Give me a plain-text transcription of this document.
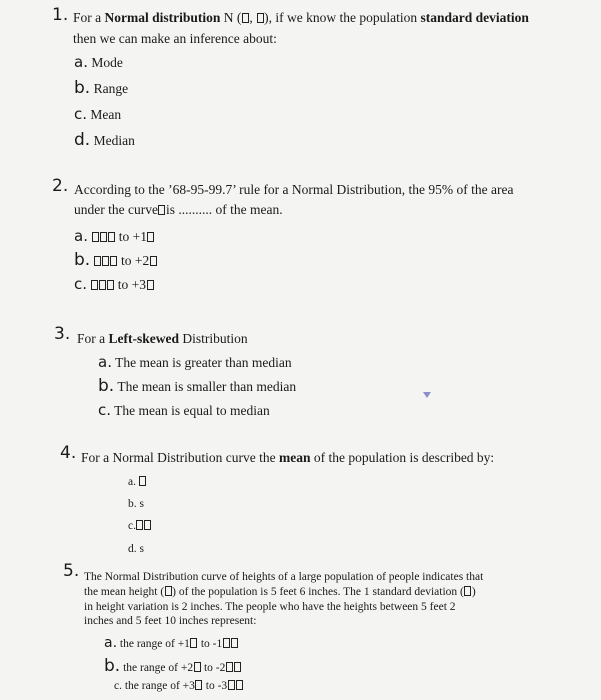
1. For a Normal distribution N ( , ), if we know the population standard deviation
then we can make an inference about:
a. Mode
b. Range
c. Mean
d. Median
2. According to the ’68-95-99.7’ rule for a Normal Distribution, the 95% of the area
under the curve is .......... of the mean.
a. to +1
b. to +2
c. to +3
3. For a Left-skewed Distribution
a. The mean is greater than median
b. The mean is smaller than median
c. The mean is equal to median
4. For a Normal Distribution curve the mean of the population is described by:
a.
b. s
c.
d. s
5. The Normal Distribution curve of heights of a large population of people indicates that
the mean height ( ) of the population is 5 feet 6 inches. The 1 standard deviation ( )
in height variation is 2 inches. The people who have the heights between 5 feet 2
inches and 5 feet 10 inches represent:
a. the range of +1 to -1
b. the range of +2 to -2
c. the range of +3 to -3
